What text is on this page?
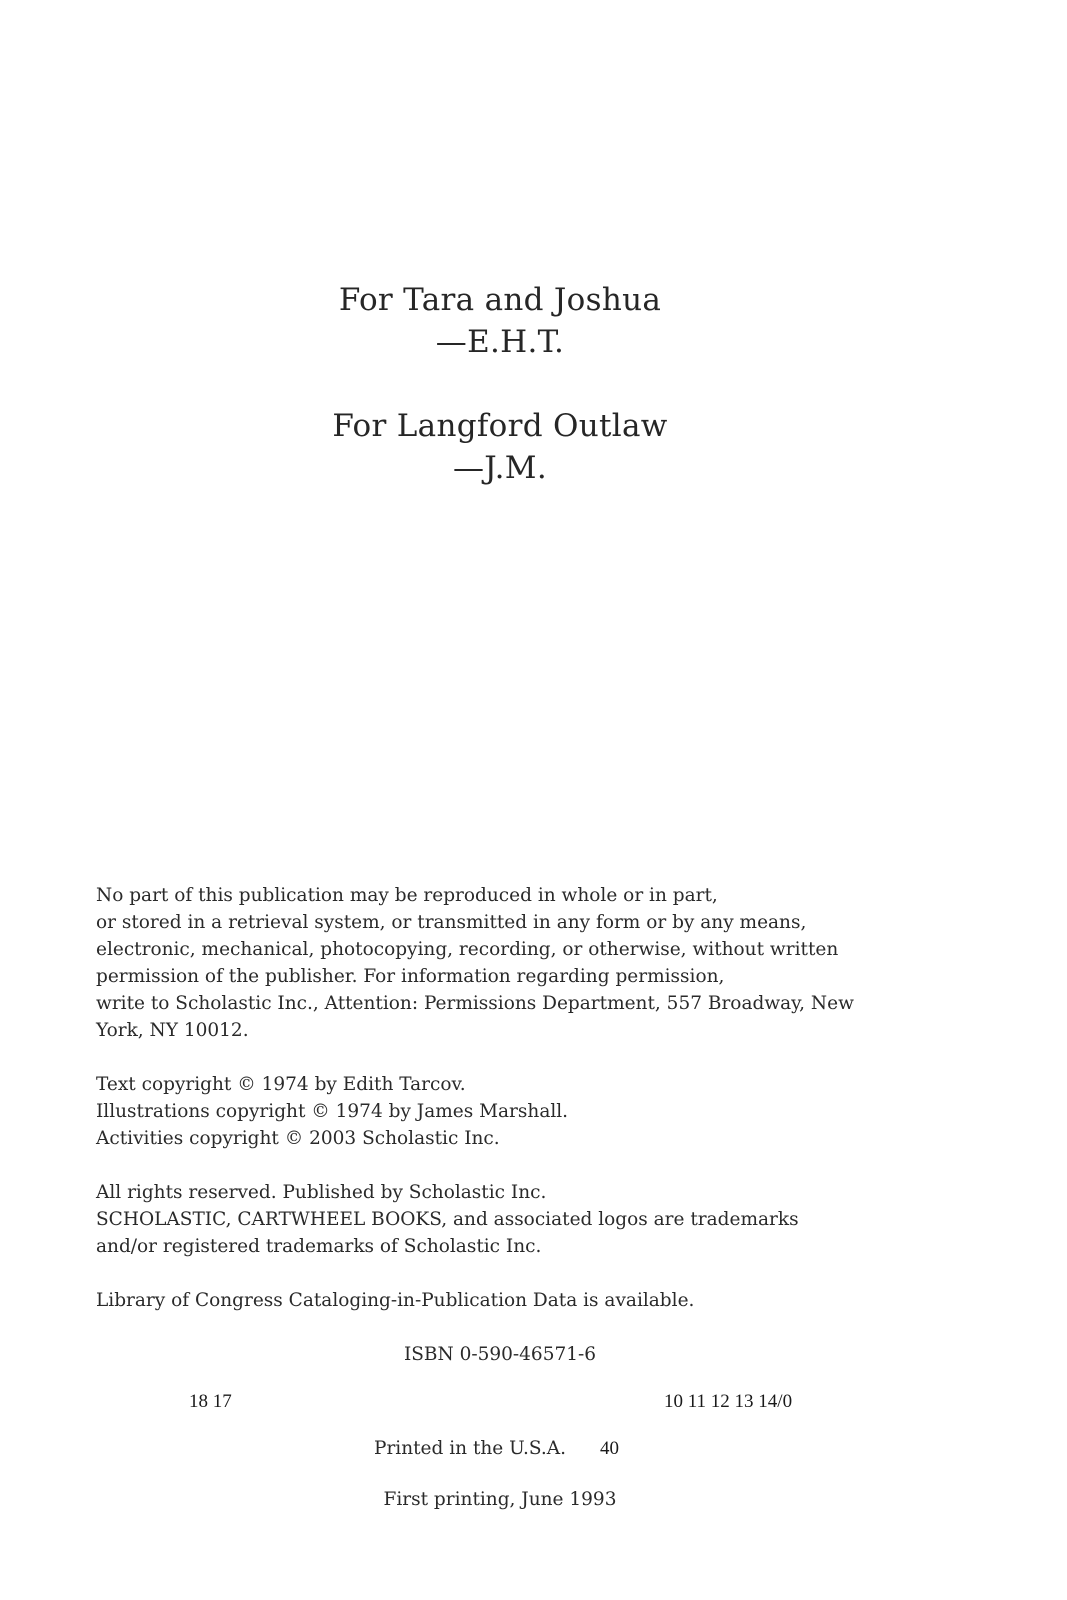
For Tara and Joshua
—E.H.T.
For Langford Outlaw
—J.M.

No part of this publication may be reproduced in whole or in part,

or stored in a retrieval system, or transmitted in any form or by any means,

electronic, mechanical, photocopying, recording, or otherwise, without written

permission of the publisher. For information regarding permission,

write to Scholastic Inc., Attention: Permissions Department, 557 Broadway, New

York, NY 10012.

Text copyright © 1974 by Edith Tarcov.

Illustrations copyright © 1974 by James Marshall.

Activities copyright © 2003 Scholastic Inc.

All rights reserved. Published by Scholastic Inc.

SCHOLASTIC, CARTWHEEL BOOKS, and associated logos are trademarks

and/or registered trademarks of Scholastic Inc.

Library of Congress Cataloging-in-Publication Data is available.

ISBN 0-590-46571-6
18 17	10 11 12 13 14/0
Printed in the U.S.A. 40
First printing, June 1993
